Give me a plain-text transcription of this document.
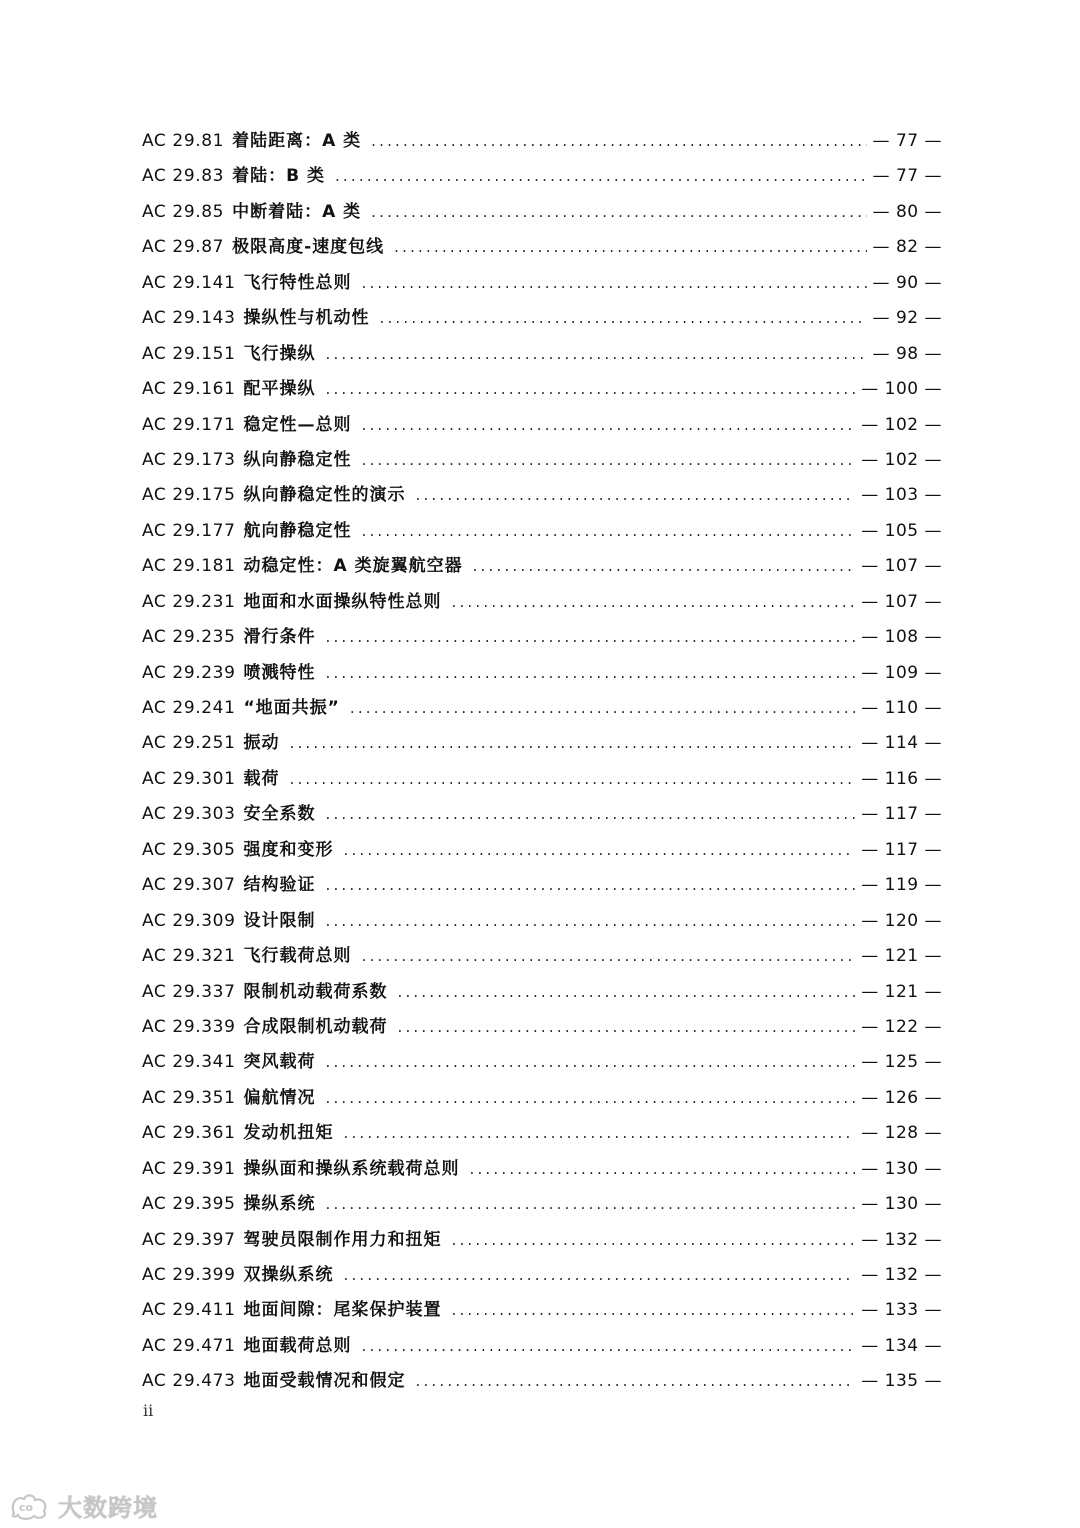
AC 29.81 着陆距离：A 类 .....	— 77 —
AC 29.83 着陆：B 类 .....	— 77 —
AC 29.85 中断着陆：A 类 .....	— 80 —
AC 29.87 极限高度-速度包线 .....	— 82 —
AC 29.141 飞行特性总则 .....	— 90 —
AC 29.143 操纵性与机动性 .....	— 92 —
AC 29.151 飞行操纵 .....	— 98 —
AC 29.161 配平操纵 .....	— 100 —
AC 29.171 稳定性—总则 .....	— 102 —
AC 29.173 纵向静稳定性 .....	— 102 —
AC 29.175 纵向静稳定性的演示 .....	— 103 —
AC 29.177 航向静稳定性 .....	— 105 —
AC 29.181 动稳定性：A 类旋翼航空器 .....	— 107 —
AC 29.231 地面和水面操纵特性总则 .....	— 107 —
AC 29.235 滑行条件 .....	— 108 —
AC 29.239 喷溅特性 .....	— 109 —
AC 29.241 “地面共振” .....	— 110 —
AC 29.251 振动 .....	— 114 —
AC 29.301 载荷 .....	— 116 —
AC 29.303 安全系数 .....	— 117 —
AC 29.305 强度和变形 .....	— 117 —
AC 29.307 结构验证 .....	— 119 —
AC 29.309 设计限制 .....	— 120 —
AC 29.321 飞行载荷总则 .....	— 121 —
AC 29.337 限制机动载荷系数 .....	— 121 —
AC 29.339 合成限制机动载荷 .....	— 122 —
AC 29.341 突风载荷 .....	— 125 —
AC 29.351 偏航情况 .....	— 126 —
AC 29.361 发动机扭矩 .....	— 128 —
AC 29.391 操纵面和操纵系统载荷总则 .....	— 130 —
AC 29.395 操纵系统 .....	— 130 —
AC 29.397 驾驶员限制作用力和扭矩 .....	— 132 —
AC 29.399 双操纵系统 .....	— 132 —
AC 29.411 地面间隙：尾桨保护装置 .....	— 133 —
AC 29.471 地面载荷总则 .....	— 134 —
AC 29.473 地面受载情况和假定 .....	— 135 —
ii
co 大数跨境
